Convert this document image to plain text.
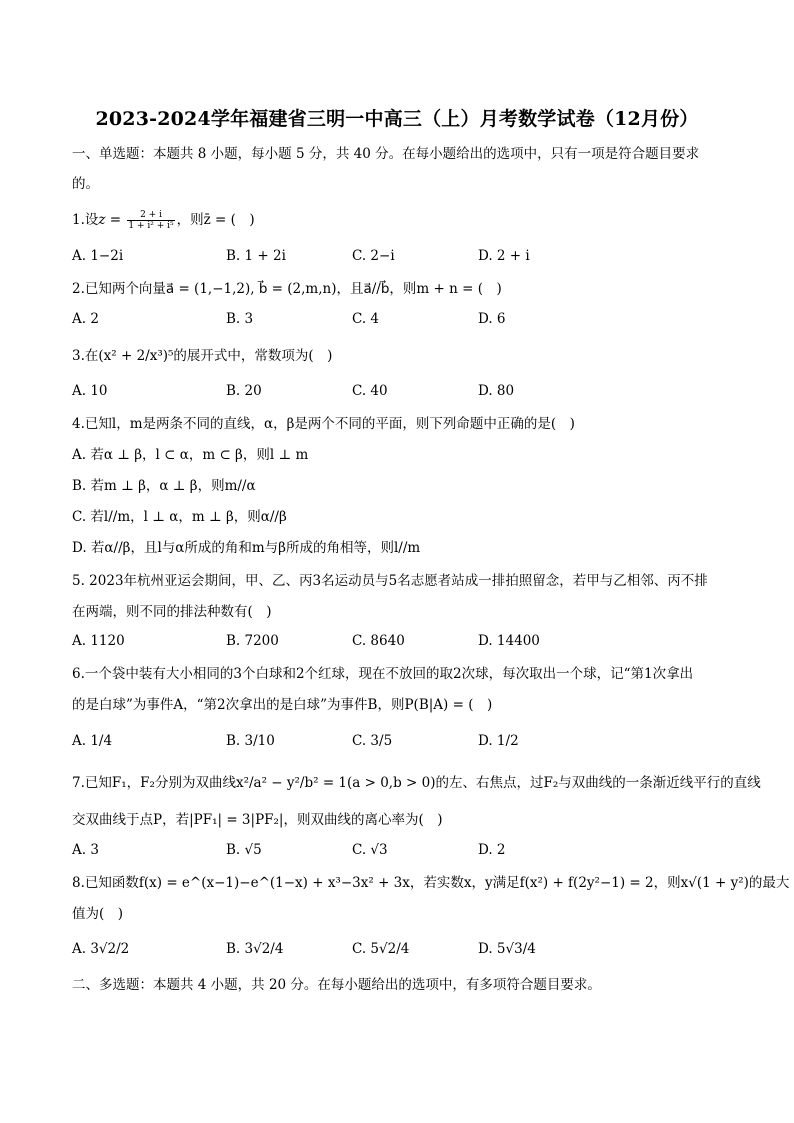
2023-2024学年福建省三明一中高三（上）月考数学试卷（12月份）
一、单选题：本题共 8 小题，每小题 5 分，共 40 分。在每小题给出的选项中，只有一项是符合题目要求
的。
1.设$z = \frac{2 + i}{\text{1 + i² + i⁵}}$ ，则z̄ = (　)
A. 1−2i	B. 1 + 2i	C. 2−i	D. 2 + i
2.已知两个向量a⃗ = (1,−1,2), b⃗ = (2,m,n)，且a⃗//b⃗，则m + n = (　)
A. 2	B. 3	C. 4	D. 6
3.在(x² + 2/x³)⁵的展开式中，常数项为(　)
A. 10	B. 20	C. 40	D. 80
4.已知l，m是两条不同的直线，α，β是两个不同的平面，则下列命题中正确的是(　)
A. 若α ⊥ β，l ⊂ α，m ⊂ β，则l ⊥ m
B. 若m ⊥ β，α ⊥ β，则m//α
C. 若l//m，l ⊥ α，m ⊥ β，则α//β
D. 若α//β，且l与α所成的角和m与β所成的角相等，则l//m
5. 2023年杭州亚运会期间，甲、乙、丙3名运动员与5名志愿者站成一排拍照留念，若甲与乙相邻、丙不排
在两端，则不同的排法种数有(　)
A. 1120	B. 7200	C. 8640	D. 14400
6.一个袋中装有大小相同的3个白球和2个红球，现在不放回的取2次球，每次取出一个球，记“第1次拿出
的是白球”为事件A，“第2次拿出的是白球”为事件B，则P(B|A) = (　)
A. 1/4	B. 3/10	C. 3/5	D. 1/2
7.已知F₁，F₂分别为双曲线x²/a² − y²/b² = 1(a > 0,b > 0)的左、右焦点，过F₂与双曲线的一条渐近线平行的直线
交双曲线于点P，若|PF₁| = 3|PF₂|，则双曲线的离心率为(　)
A. 3	B. √5	C. √3	D. 2
8.已知函数f(x) = e^(x−1)−e^(1−x) + x³−3x² + 3x，若实数x，y满足f(x²) + f(2y²−1) = 2，则x√(1 + y²)的最大
值为(　)
A. 3√2/2	B. 3√2/4	C. 5√2/4	D. 5√3/4
二、多选题：本题共 4 小题，共 20 分。在每小题给出的选项中，有多项符合题目要求。
